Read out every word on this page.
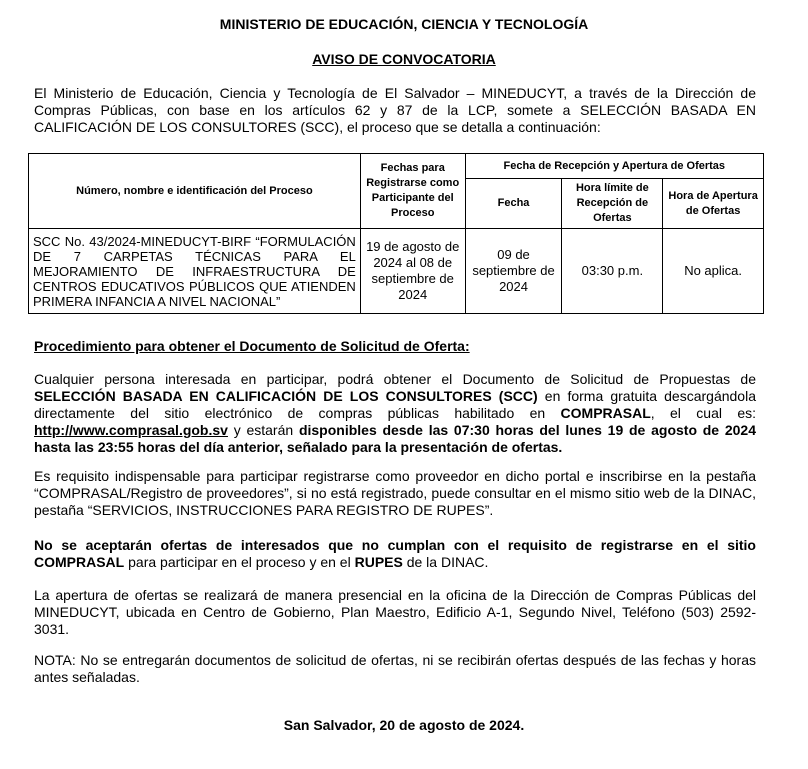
MINISTERIO DE EDUCACIÓN, CIENCIA Y TECNOLOGÍA
AVISO DE CONVOCATORIA
El Ministerio de Educación, Ciencia y Tecnología de El Salvador – MINEDUCYT, a través de la Dirección de Compras Públicas, con base en los artículos 62 y 87 de la LCP, somete a SELECCIÓN BASADA EN CALIFICACIÓN DE LOS CONSULTORES (SCC), el proceso que se detalla a continuación:
Número, nombre e identificación del Proceso	Fechas para Registrarse como Participante del Proceso	Fecha de Recepción y Apertura de Ofertas		
		Fecha	Hora límite de Recepción de Ofertas	Hora de Apertura de Ofertas
SCC No. 43/2024-MINEDUCYT-BIRF “FORMULACIÓN DE 7 CARPETAS TÉCNICAS PARA EL MEJORAMIENTO DE INFRAESTRUCTURA DE CENTROS EDUCATIVOS PÚBLICOS QUE ATIENDEN PRIMERA INFANCIA A NIVEL NACIONAL”	19 de agosto de 2024 al 08 de septiembre de 2024	09 de septiembre de 2024	03:30 p.m.	No aplica.
Procedimiento para obtener el Documento de Solicitud de Oferta:
Cualquier persona interesada en participar, podrá obtener el Documento de Solicitud de Propuestas de SELECCIÓN BASADA EN CALIFICACIÓN DE LOS CONSULTORES (SCC) en forma gratuita descargándola directamente del sitio electrónico de compras públicas habilitado en COMPRASAL, el cual es: http://www.comprasal.gob.sv y estarán disponibles desde las 07:30 horas del lunes 19 de agosto de 2024 hasta las 23:55 horas del día anterior, señalado para la presentación de ofertas.
Es requisito indispensable para participar registrarse como proveedor en dicho portal e inscribirse en la pestaña “COMPRASAL/Registro de proveedores”, si no está registrado, puede consultar en el mismo sitio web de la DINAC, pestaña “SERVICIOS, INSTRUCCIONES PARA REGISTRO DE RUPES”.
No se aceptarán ofertas de interesados que no cumplan con el requisito de registrarse en el sitio COMPRASAL para participar en el proceso y en el RUPES de la DINAC.
La apertura de ofertas se realizará de manera presencial en la oficina de la Dirección de Compras Públicas del MINEDUCYT, ubicada en Centro de Gobierno, Plan Maestro, Edificio A-1, Segundo Nivel, Teléfono (503) 2592-3031.
NOTA: No se entregarán documentos de solicitud de ofertas, ni se recibirán ofertas después de las fechas y horas antes señaladas.
San Salvador, 20 de agosto de 2024.
